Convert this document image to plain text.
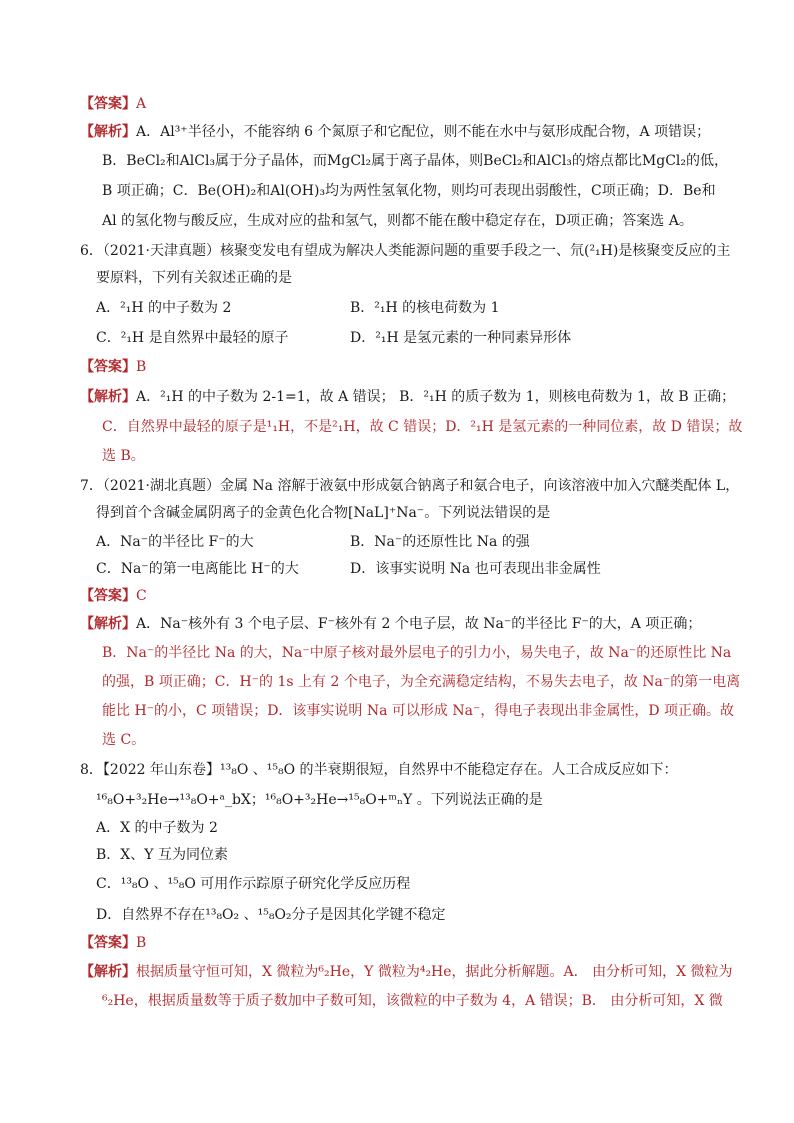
【答案】A
【解析】A．Al³⁺半径小，不能容纳 6 个氮原子和它配位，则不能在水中与氨形成配合物，A 项错误；
B．BeCl₂和AlCl₃属于分子晶体，而MgCl₂属于离子晶体，则BeCl₂和AlCl₃的熔点都比MgCl₂的低，
B 项正确；C．Be(OH)₂和Al(OH)₃均为两性氢氧化物，则均可表现出弱酸性，C项正确；D．Be和
Al 的氢化物与酸反应，生成对应的盐和氢气，则都不能在酸中稳定存在，D项正确；答案选 A。
6．（2021·天津真题）核聚变发电有望成为解决人类能源问题的重要手段之一、氘(²₁H)是核聚变反应的主
要原料，下列有关叙述正确的是
A．²₁H 的中子数为 2	B．²₁H 的核电荷数为 1
C．²₁H 是自然界中最轻的原子	D．²₁H 是氢元素的一种同素异形体
【答案】B
【解析】A．²₁H 的中子数为 2-1=1，故 A 错误； B．²₁H 的质子数为 1，则核电荷数为 1，故 B 正确；
C．自然界中最轻的原子是¹₁H，不是²₁H，故 C 错误；D．²₁H 是氢元素的一种同位素，故 D 错误；故
选 B。
7．（2021·湖北真题）金属 Na 溶解于液氨中形成氨合钠离子和氨合电子，向该溶液中加入穴醚类配体 L，
得到首个含碱金属阴离子的金黄色化合物[NaL]⁺Na⁻。下列说法错误的是
A．Na⁻的半径比 F⁻的大	B．Na⁻的还原性比 Na 的强
C．Na⁻的第一电离能比 H⁻的大	D．该事实说明 Na 也可表现出非金属性
【答案】C
【解析】A．Na⁻核外有 3 个电子层、F⁻核外有 2 个电子层，故 Na⁻的半径比 F⁻的大，A 项正确；
B．Na⁻的半径比 Na 的大，Na⁻中原子核对最外层电子的引力小，易失电子，故 Na⁻的还原性比 Na
的强，B 项正确；C．H⁻的 1s 上有 2 个电子，为全充满稳定结构，不易失去电子，故 Na⁻的第一电离
能比 H⁻的小，C 项错误；D．该事实说明 Na 可以形成 Na⁻，得电子表现出非金属性，D 项正确。故
选 C。
8．【2022 年山东卷】¹³₈O 、¹⁵₈O 的半衰期很短，自然界中不能稳定存在。人工合成反应如下：
¹⁶₈O+³₂He→¹³₈O+ᵃ_bX；¹⁶₈O+³₂He→¹⁵₈O+ᵐₙY 。下列说法正确的是
A．X 的中子数为 2
B．X、Y 互为同位素
C．¹³₈O 、¹⁵₈O 可用作示踪原子研究化学反应历程
D．自然界不存在¹³₈O₂ 、¹⁵₈O₂分子是因其化学键不稳定
【答案】B
【解析】根据质量守恒可知，X 微粒为⁶₂He，Y 微粒为⁴₂He，据此分析解题。A． 由分析可知，X 微粒为
⁶₂He，根据质量数等于质子数加中子数可知，该微粒的中子数为 4，A 错误；B． 由分析可知，X 微
